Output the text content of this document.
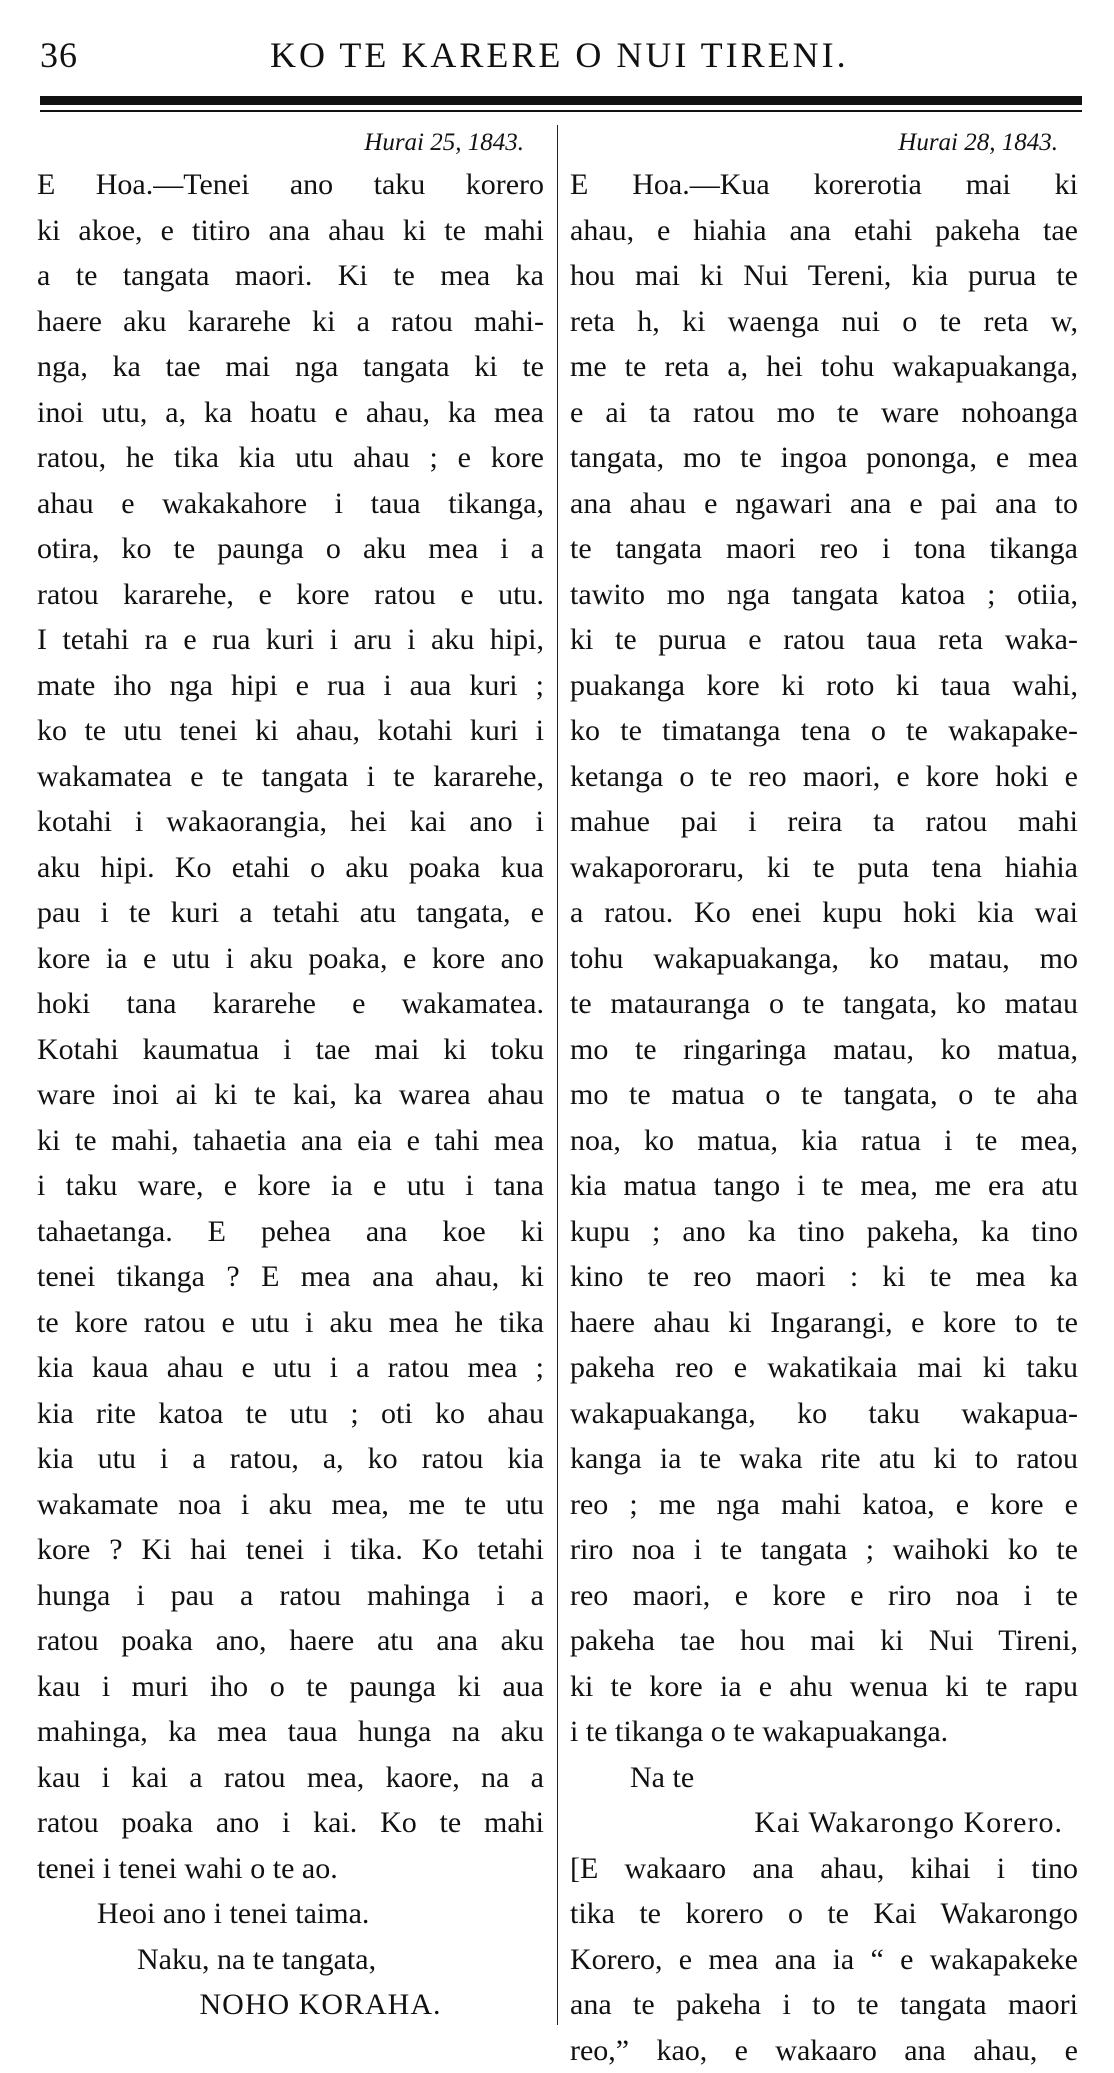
36	KO TE KARERE O NUI TIRENI.
Hurai 25, 1843.
E Hoa.—Tenei ano taku korero
ki akoe, e titiro ana ahau ki te mahi
a te tangata maori. Ki te mea ka
haere aku kararehe ki a ratou mahi-
nga, ka tae mai nga tangata ki te
inoi utu, a, ka hoatu e ahau, ka mea
ratou, he tika kia utu ahau ; e kore
ahau e wakakahore i taua tikanga,
otira, ko te paunga o aku mea i a
ratou kararehe, e kore ratou e utu.
I tetahi ra e rua kuri i aru i aku hipi,
mate iho nga hipi e rua i aua kuri ;
ko te utu tenei ki ahau, kotahi kuri i
wakamatea e te tangata i te kararehe,
kotahi i wakaorangia, hei kai ano i
aku hipi. Ko etahi o aku poaka kua
pau i te kuri a tetahi atu tangata, e
kore ia e utu i aku poaka, e kore ano
hoki tana kararehe e wakamatea.
Kotahi kaumatua i tae mai ki toku
ware inoi ai ki te kai, ka warea ahau
ki te mahi, tahaetia ana eia e tahi mea
i taku ware, e kore ia e utu i tana
tahaetanga. E pehea ana koe ki
tenei tikanga ? E mea ana ahau, ki
te kore ratou e utu i aku mea he tika
kia kaua ahau e utu i a ratou mea ;
kia rite katoa te utu ; oti ko ahau
kia utu i a ratou, a, ko ratou kia
wakamate noa i aku mea, me te utu
kore ? Ki hai tenei i tika. Ko tetahi
hunga i pau a ratou mahinga i a
ratou poaka ano, haere atu ana aku
kau i muri iho o te paunga ki aua
mahinga, ka mea taua hunga na aku
kau i kai a ratou mea, kaore, na a
ratou poaka ano i kai. Ko te mahi
tenei i tenei wahi o te ao.
Heoi ano i tenei taima.
Naku, na te tangata,
NOHO KORAHA.
Hurai 28, 1843.
E Hoa.—Kua korerotia mai ki
ahau, e hiahia ana etahi pakeha tae
hou mai ki Nui Tereni, kia purua te
reta h, ki waenga nui o te reta w,
me te reta a, hei tohu wakapuakanga,
e ai ta ratou mo te ware nohoanga
tangata, mo te ingoa pononga, e mea
ana ahau e ngawari ana e pai ana to
te tangata maori reo i tona tikanga
tawito mo nga tangata katoa ; otiia,
ki te purua e ratou taua reta waka-
puakanga kore ki roto ki taua wahi,
ko te timatanga tena o te wakapake-
ketanga o te reo maori, e kore hoki e
mahue pai i reira ta ratou mahi
wakapororaru, ki te puta tena hiahia
a ratou. Ko enei kupu hoki kia wai
tohu wakapuakanga, ko matau, mo
te matauranga o te tangata, ko matau
mo te ringaringa matau, ko matua,
mo te matua o te tangata, o te aha
noa, ko matua, kia ratua i te mea,
kia matua tango i te mea, me era atu
kupu ; ano ka tino pakeha, ka tino
kino te reo maori : ki te mea ka
haere ahau ki Ingarangi, e kore to te
pakeha reo e wakatikaia mai ki taku
wakapuakanga, ko taku wakapua-
kanga ia te waka rite atu ki to ratou
reo ; me nga mahi katoa, e kore e
riro noa i te tangata ; waihoki ko te
reo maori, e kore e riro noa i te
pakeha tae hou mai ki Nui Tireni,
ki te kore ia e ahu wenua ki te rapu
i te tikanga o te wakapuakanga.
Na te
Kai Wakarongo Korero.
[E wakaaro ana ahau, kihai i tino
tika te korero o te Kai Wakarongo
Korero, e mea ana ia “ e wakapakeke
ana te pakeha i to te tangata maori
reo,” kao, e wakaaro ana ahau, e
